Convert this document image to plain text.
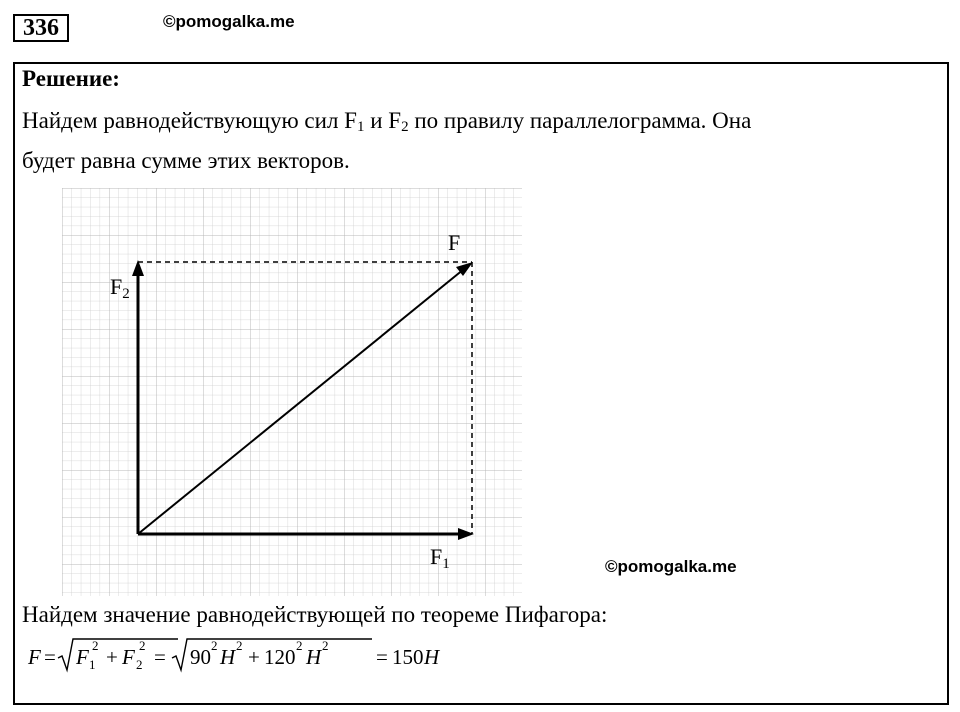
336	©pomogalka.me
Решение:
Найдем равнодействующую сил $F_1$ и $F_2$ по правилу параллелограмма. Она
будет равна сумме этих векторов.
F
F2
F1	©pomogalka.me
Найдем значение равнодействующей по теореме Пифагора:
F = F 1
2 + F 2
2 = 90 2 H 2 + 120 2 H 2 = 150 H
